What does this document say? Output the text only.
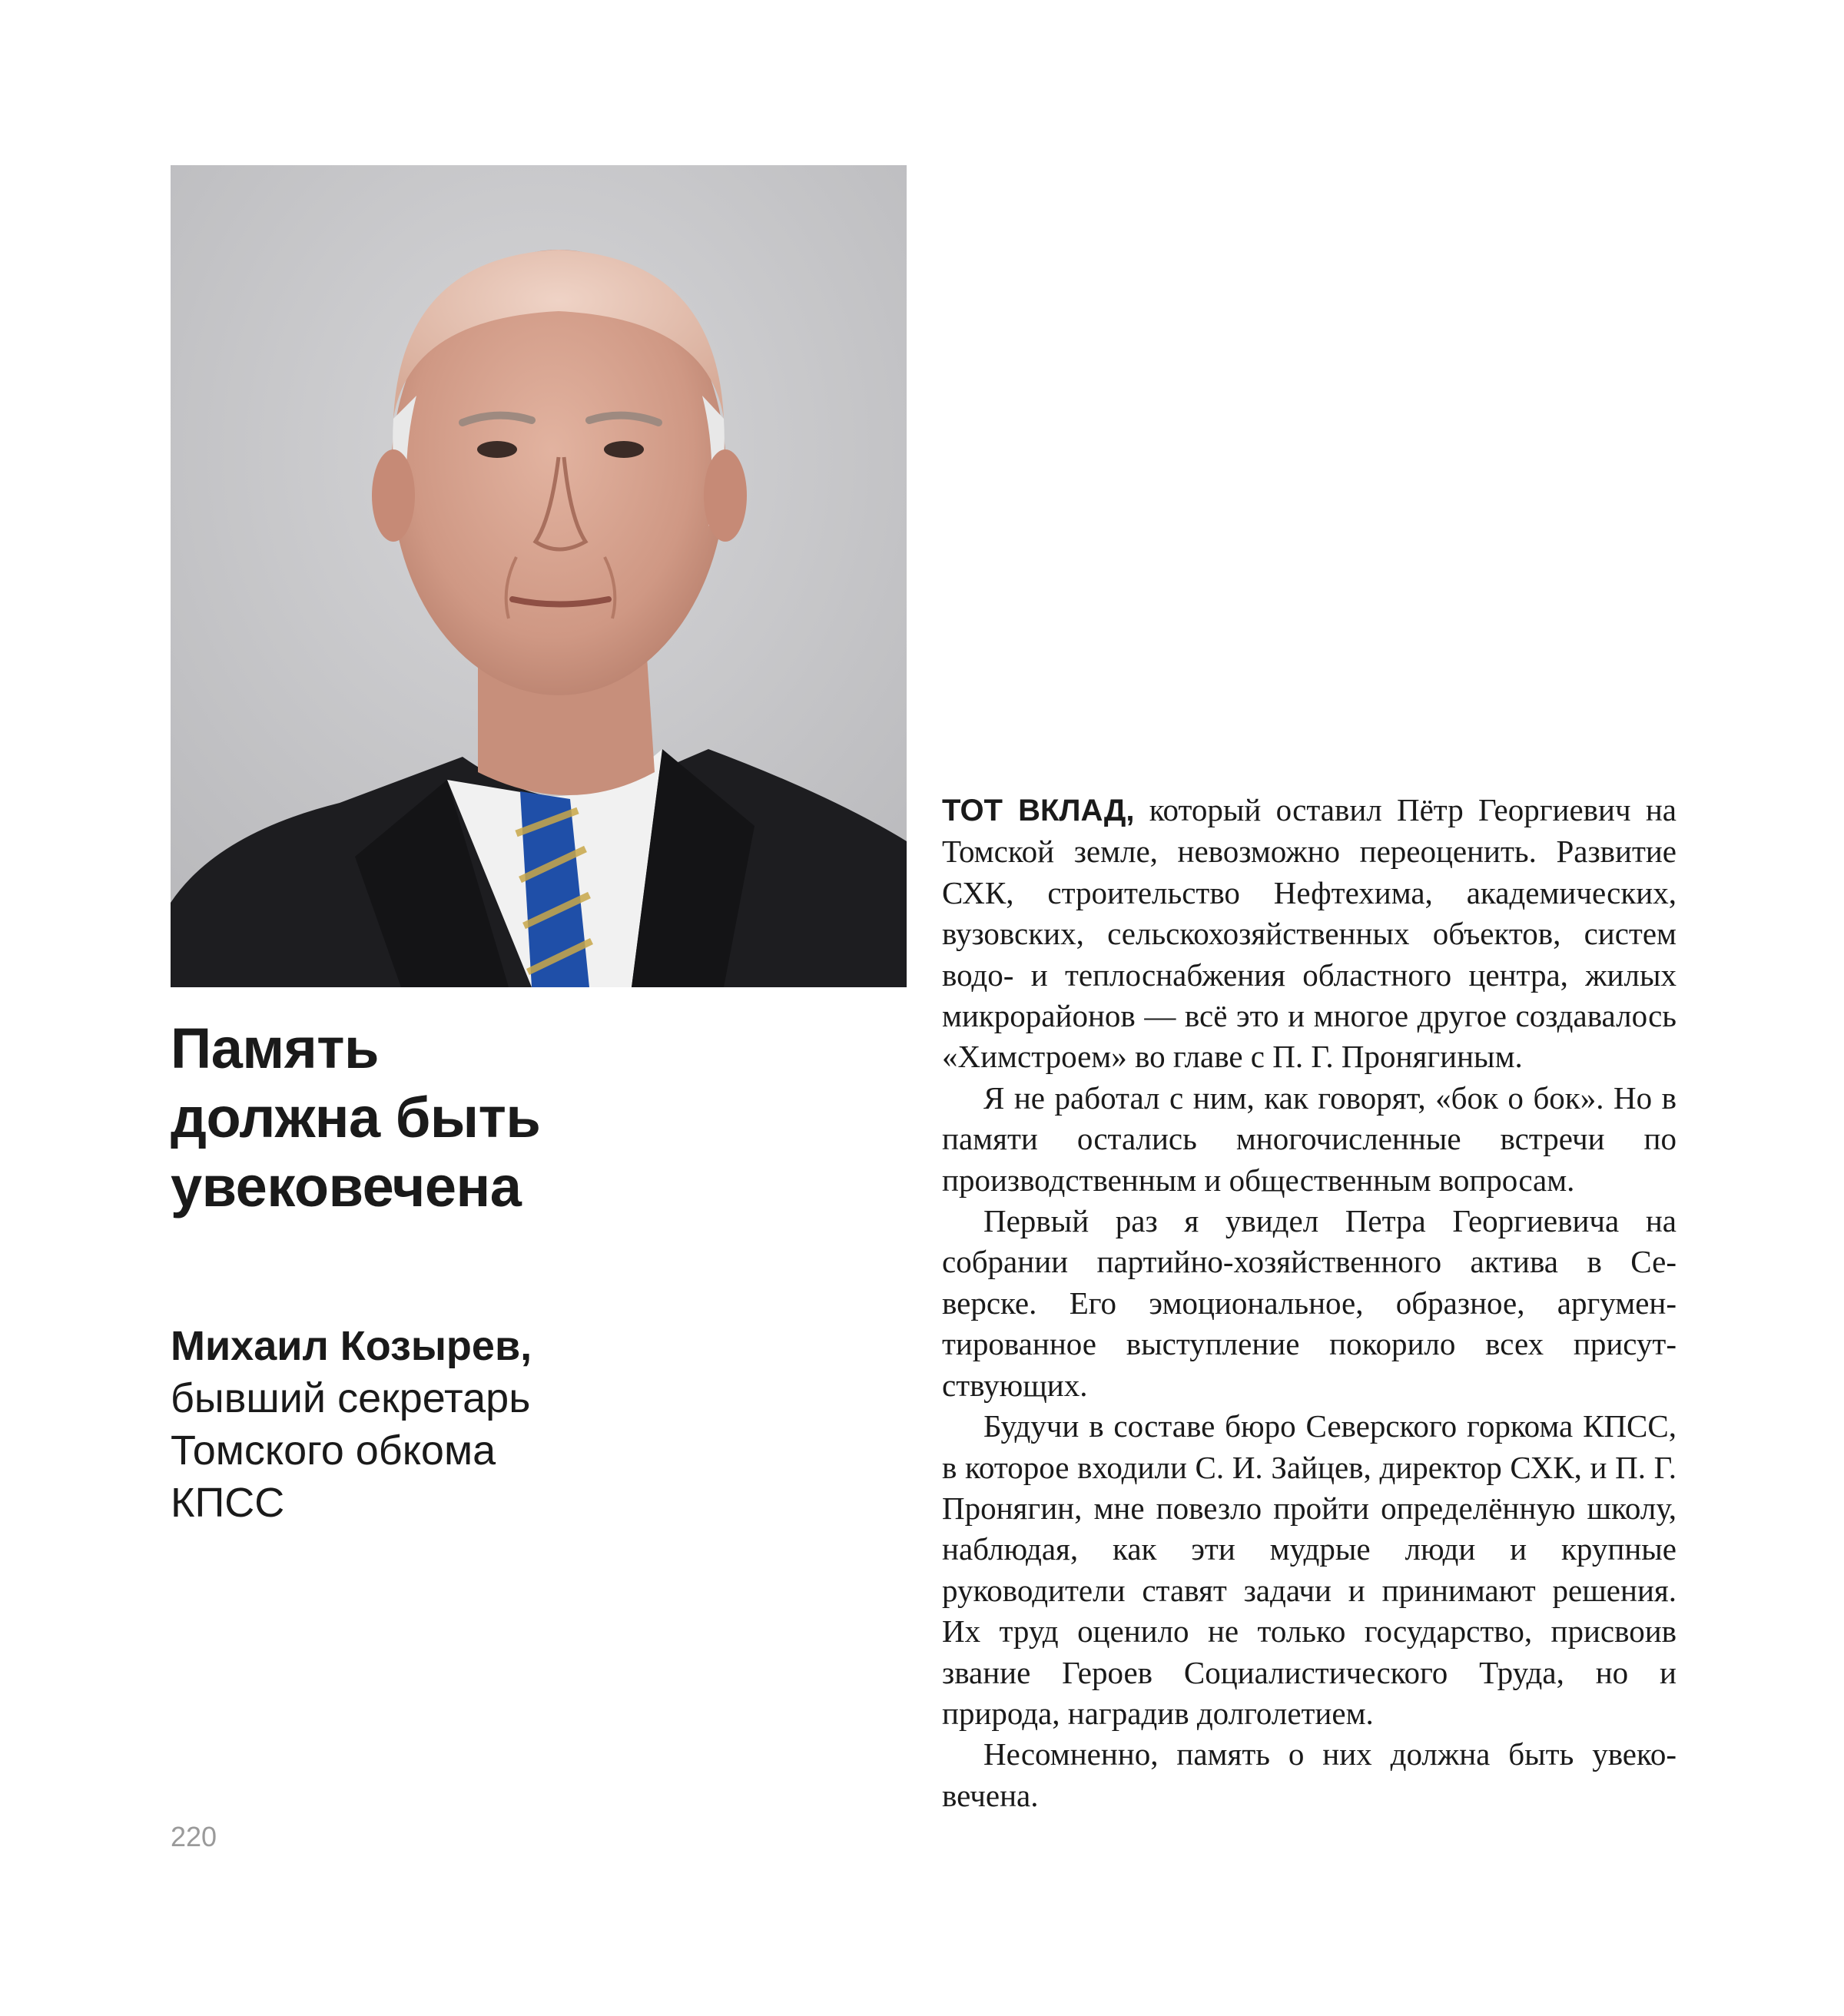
Память
должна быть
увековечена
Михаил Козырев,
бывший секретарь
Томского обкома
КПСС
220

ТОТ ВКЛАД, который оставил Пётр Георгиевич на Томской земле, невозможно переоценить. Развитие СХК, строительство Нефтехима, академических, вузовских, сельскохозяйственных объектов, систем водо- и теплоснабжения областного центра, жилых микрорайонов — всё это и многое другое создавалось «Химстроем» во главе с П. Г. Пронягиным.

Я не работал с ним, как говорят, «бок о бок». Но в памяти остались многочисленные встречи по производственным и общественным вопросам.

Первый раз я увидел Петра Георгиевича на собрании партийно-хозяйственного актива в Северске. Его эмоциональное, образное, аргументированное выступление покорило всех присутствующих.

Будучи в составе бюро Северского горкома КПСС, в которое входили С. И. Зайцев, директор СХК, и П. Г. Пронягин, мне повезло пройти определённую школу, наблюдая, как эти мудрые люди и крупные руководители ставят задачи и принимают решения. Их труд оценило не только государство, присвоив звание Героев Социалистического Труда, но и природа, наградив долголетием.

Несомненно, память о них должна быть увековечена.
